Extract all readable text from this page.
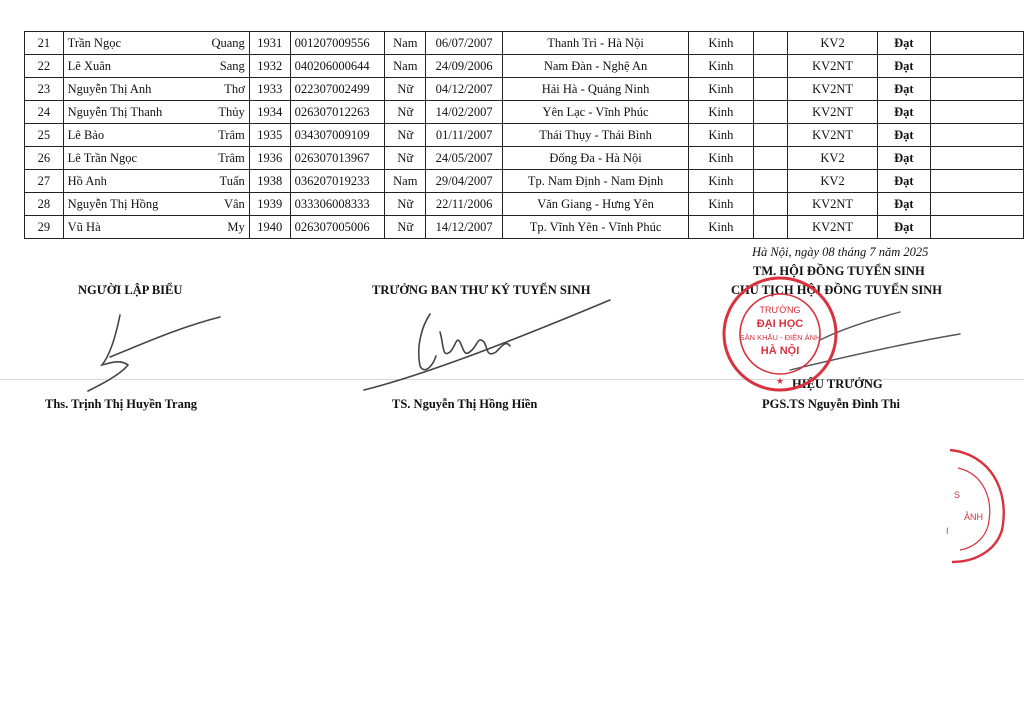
21	Trần Ngọc	Quang	1931	001207009556	Nam	06/07/2007	Thanh Trì - Hà Nội	Kinh		KV2	Đạt	
22	Lê Xuân	Sang	1932	040206000644	Nam	24/09/2006	Nam Đàn - Nghệ An	Kinh		KV2NT	Đạt	
23	Nguyễn Thị Anh	Thơ	1933	022307002499	Nữ	04/12/2007	Hải Hà - Quảng Ninh	Kinh		KV2NT	Đạt	
24	Nguyễn Thị Thanh	Thủy	1934	026307012263	Nữ	14/02/2007	Yên Lạc - Vĩnh Phúc	Kinh		KV2NT	Đạt	
25	Lê Bảo	Trâm	1935	034307009109	Nữ	01/11/2007	Thái Thụy - Thái Bình	Kinh		KV2NT	Đạt	
26	Lê Trần Ngọc	Trâm	1936	026307013967	Nữ	24/05/2007	Đống Đa - Hà Nội	Kinh		KV2	Đạt	
27	Hồ Anh	Tuấn	1938	036207019233	Nam	29/04/2007	Tp. Nam Định - Nam Định	Kinh		KV2	Đạt	
28	Nguyễn Thị Hồng	Vân	1939	033306008333	Nữ	22/11/2006	Văn Giang - Hưng Yên	Kinh		KV2NT	Đạt	
29	Vũ Hà	My	1940	026307005006	Nữ	14/12/2007	Tp. Vĩnh Yên - Vĩnh Phúc	Kinh		KV2NT	Đạt	
Hà Nội, ngày 08 tháng 7 năm 2025
NGƯỜI LẬP BIỂU	TRƯỞNG BAN THƯ KÝ TUYỂN SINH
TM. HỘI ĐỒNG TUYỂN SINH
CHỦ TỊCH HỘI ĐỒNG TUYỂN SINH
HIỆU TRƯỞNG
Ths. Trịnh Thị Huyền Trang	TS. Nguyễn Thị Hồng Hiền	PGS.TS Nguyễn Đình Thi
TRƯỜNG
ĐẠI HỌC
SÂN KHẤU - ĐIỆN ẢNH
HÀ NỘI
★
S
ẢNH
I
